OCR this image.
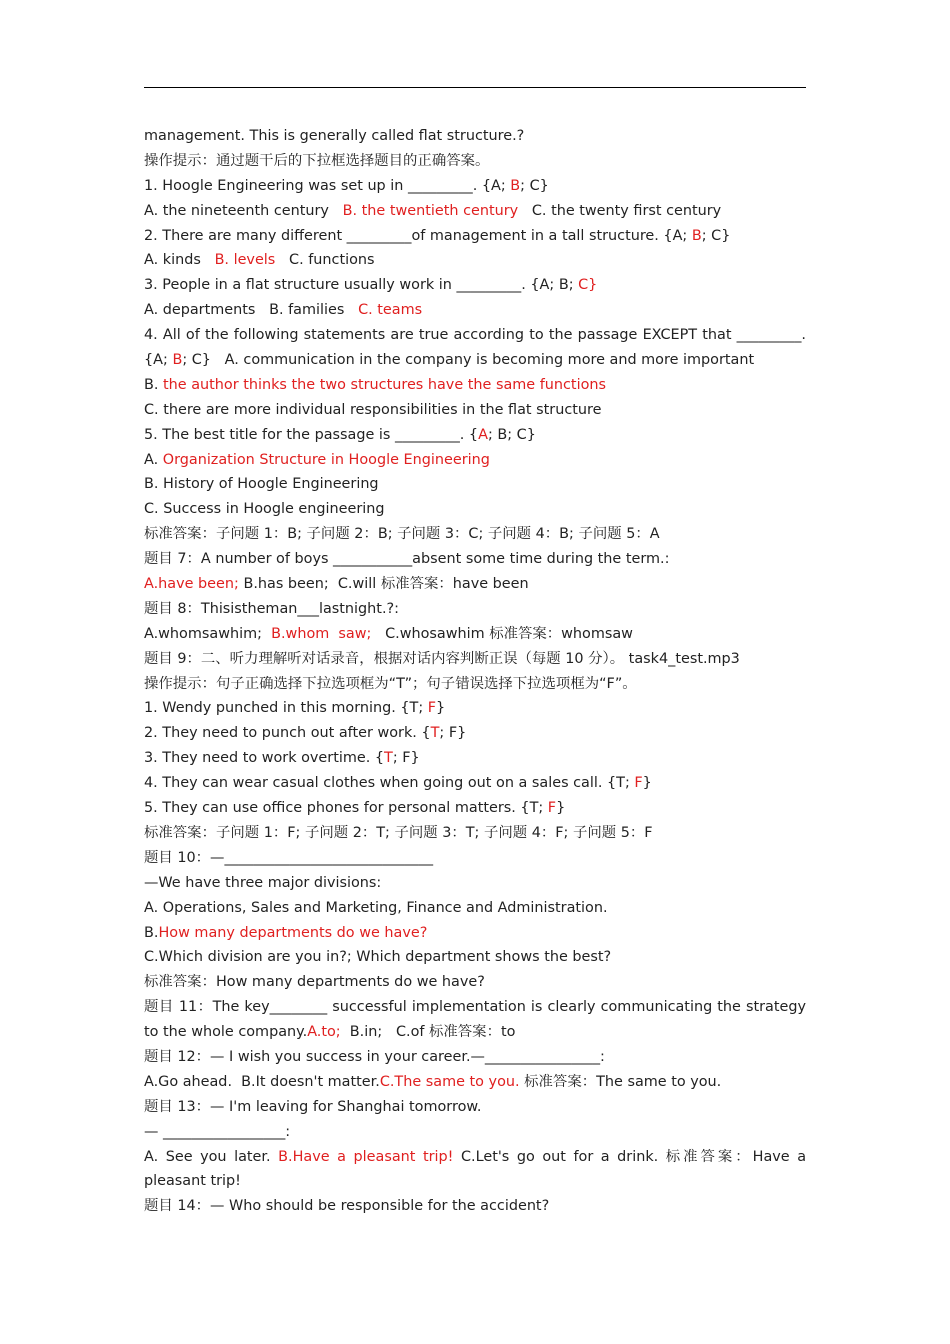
management. This is generally called flat structure.?
操作提示：通过题干后的下拉框选择题目的正确答案。
1. Hoogle Engineering was set up in _________. {A; B; C}
A. the nineteenth century   B. the twentieth century   C. the twenty first century
2. There are many different _________of management in a tall structure. {A; B; C}
A. kinds   B. levels   C. functions
3. People in a flat structure usually work in _________. {A; B; C}
A. departments   B. families   C. teams
4. All of the following statements are true according to the passage EXCEPT that _________.
{A; B; C}   A. communication in the company is becoming more and more important
B. the author thinks the two structures have the same functions
C. there are more individual responsibilities in the flat structure
5. The best title for the passage is _________. {A; B; C}
A. Organization Structure in Hoogle Engineering
B. History of Hoogle Engineering
C. Success in Hoogle engineering
标准答案：子问题 1：B; 子问题 2：B; 子问题 3：C; 子问题 4：B; 子问题 5：A
题目 7：A number of boys ___________absent some time during the term.:
A.have been; B.has been;  C.will 标准答案：have been
题目 8：Thisistheman___lastnight.?:
A.whomsawhim;  B.whom  saw;   C.whosawhim 标准答案：whomsaw
题目 9：二、听力理解听对话录音，根据对话内容判断正误（每题 10 分）。 task4_test.mp3
操作提示：句子正确选择下拉选项框为“T”；句子错误选择下拉选项框为“F”。
1. Wendy punched in this morning. {T; F}
2. They need to punch out after work. {T; F}
3. They need to work overtime. {T; F}
4. They can wear casual clothes when going out on a sales call. {T; F}
5. They can use office phones for personal matters. {T; F}
标准答案：子问题 1：F; 子问题 2：T; 子问题 3：T; 子问题 4：F; 子问题 5：F
题目 10：—_____________________________
—We have three major divisions:
A. Operations, Sales and Marketing, Finance and Administration.
B.How many departments do we have?
C.Which division are you in?; Which department shows the best?
标准答案：How many departments do we have?
题目 11：The key________ successful implementation is clearly communicating the strategy
to the whole company.A.to;  B.in;   C.of 标准答案：to
题目 12：— I wish you success in your career.—________________:
A.Go ahead.  B.It doesn't matter.C.The same to you. 标准答案：The same to you.
题目 13：— I'm leaving for Shanghai tomorrow.
— _________________:
A. See you later. B.Have a pleasant trip! C.Let's go out for a drink. 标准答案：Have a
pleasant trip!
题目 14：— Who should be responsible for the accident?
